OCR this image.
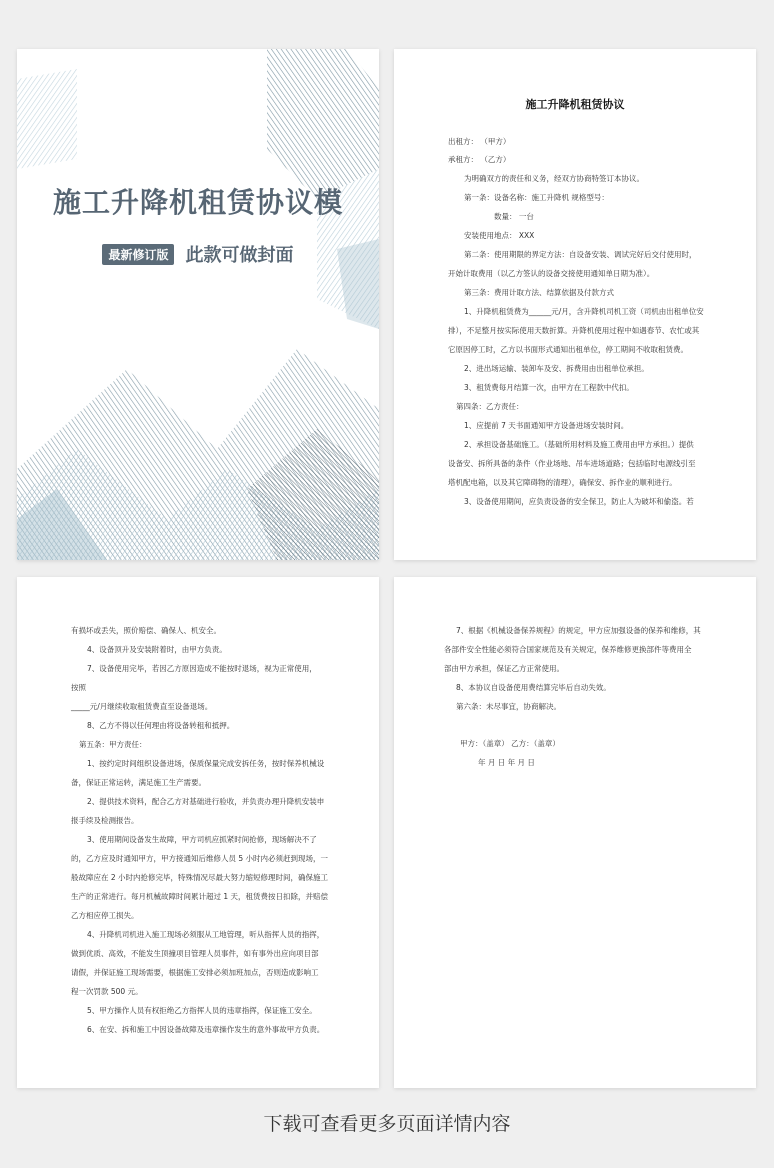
施工升降机租赁协议模
最新修订版 此款可做封面
施工升降机租赁协议
出租方： （甲方）
承租方： （乙方）
为明确双方的责任和义务，经双方协商特签订本协议。
第一条：设备名称：施工升降机 规格型号：
数量： 一台
安装使用地点： XXX
第二条：使用期限的界定方法：自设备安装、调试完好后交付使用时，
开始计取费用（以乙方签认的设备交接使用通知单日期为准）。
第三条：费用计取方法、结算依据及付款方式
1、升降机租赁费为______元/月，含升降机司机工资（司机由出租单位安
排），不足整月按实际使用天数折算。升降机使用过程中如遇春节、农忙或其
它原因停工时，乙方以书面形式通知出租单位，停工期间不收取租赁费。
2、进出场运输、装卸车及安、拆费用由出租单位承担。
3、租赁费每月结算一次，由甲方在工程款中代扣。
第四条：乙方责任：
1、应提前 7 天书面通知甲方设备进场安装时间。
2、承担设备基础施工。（基础所用材料及施工费用由甲方承担。）提供
设备安、拆所具备的条件（作业场地、吊车进场道路；包括临时电源线引至
塔机配电箱，以及其它障碍物的清理），确保安、拆作业的顺利进行。
3、设备使用期间，应负责设备的安全保卫，防止人为破坏和偷盗。若
有损坏或丢失，照价赔偿、确保人、机安全。
4、设备顶升及安装附着时，由甲方负责。
7、设备使用完毕，若因乙方原因造成不能按时退场，视为正常使用，
按照
_____元/月继续收取租赁费直至设备退场。
8、乙方不得以任何理由将设备转租和抵押。
第五条：甲方责任：
1、按约定时间组织设备进场，保质保量完成安拆任务，按时保养机械设
备，保证正常运转，满足施工生产需要。
2、提供技术资料，配合乙方对基础进行验收，并负责办理升降机安装申
报手续及检测报告。
3、使用期间设备发生故障，甲方司机应抓紧时间抢修，现场解决不了
的，乙方应及时通知甲方，甲方接通知后维修人员 5 小时内必须赶到现场，一
般故障应在 2 小时内抢修完毕，特殊情况尽最大努力缩短修理时间，确保施工
生产的正常进行。每月机械故障时间累计超过 1 天，租赁费按日扣除，并赔偿
乙方相应停工损失。
4、升降机司机进入施工现场必须服从工地管理，听从指挥人员的指挥，
做到优质、高效，不能发生顶撞项目管理人员事件，如有事外出应向项目部
请假，并保证施工现场需要，根据施工安排必须加班加点，否则造成影响工
程一次罚款 500 元。
5、甲方操作人员有权拒绝乙方指挥人员的违章指挥，保证施工安全。
6、在安、拆和施工中因设备故障及违章操作发生的意外事故甲方负责。
7、根据《机械设备保养规程》的规定，甲方应加强设备的保养和维修，其
各部件安全性能必须符合国家规范及有关规定，保养维修更换部件等费用全
部由甲方承担，保证乙方正常使用。
8、本协议自设备使用费结算完毕后自动失效。
第六条：未尽事宜，协商解决。
甲方：（盖章） 乙方：（盖章）
年 月 日 年 月 日
下载可查看更多页面详情内容
